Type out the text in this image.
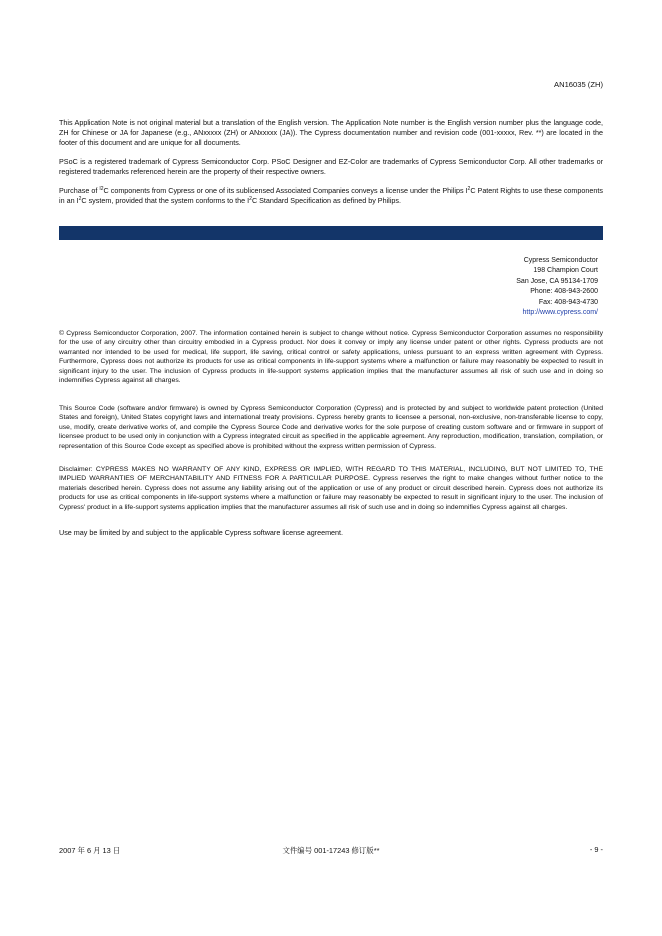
AN16035 (ZH)

This Application Note is not original material but a translation of the English version. The Application Note number is the English version number plus the language code, ZH for Chinese or JA for Japanese (e.g., ANxxxxx (ZH) or ANxxxxx (JA)). The Cypress documentation number and revision code (001-xxxxx, Rev. **) are located in the footer of this document and are unique for all documents.

PSoC is a registered trademark of Cypress Semiconductor Corp. PSoC Designer and EZ-Color are trademarks of Cypress Semiconductor Corp. All other trademarks or registered trademarks referenced herein are the property of their respective owners.

Purchase of $^{I2}$C components from Cypress or one of its sublicensed Associated Companies conveys a license under the Philips $I^2C$ Patent Rights to use these components in an $I^2C$ system, provided that the system conforms to the $I^2C$ Standard Specification as defined by Philips.

Cypress Semiconductor
198 Champion Court
San Jose, CA 95134-1709
Phone: 408-943-2600
Fax: 408-943-4730
http://www.cypress.com/

© Cypress Semiconductor Corporation, 2007. The information contained herein is subject to change without notice. Cypress Semiconductor Corporation assumes no responsibility for the use of any circuitry other than circuitry embodied in a Cypress product. Nor does it convey or imply any license under patent or other rights. Cypress products are not warranted nor intended to be used for medical, life support, life saving, critical control or safety applications, unless pursuant to an express written agreement with Cypress. Furthermore, Cypress does not authorize its products for use as critical components in life-support systems where a malfunction or failure may reasonably be expected to result in significant injury to the user. The inclusion of Cypress products in life-support systems application implies that the manufacturer assumes all risk of such use and in doing so indemnifies Cypress against all charges.

This Source Code (software and/or firmware) is owned by Cypress Semiconductor Corporation (Cypress) and is protected by and subject to worldwide patent protection (United States and foreign), United States copyright laws and international treaty provisions. Cypress hereby grants to licensee a personal, non-exclusive, non-transferable license to copy, use, modify, create derivative works of, and compile the Cypress Source Code and derivative works for the sole purpose of creating custom software and or firmware in support of licensee product to be used only in conjunction with a Cypress integrated circuit as specified in the applicable agreement. Any reproduction, modification, translation, compilation, or representation of this Source Code except as specified above is prohibited without the express written permission of Cypress.

Disclaimer: CYPRESS MAKES NO WARRANTY OF ANY KIND, EXPRESS OR IMPLIED, WITH REGARD TO THIS MATERIAL, INCLUDING, BUT NOT LIMITED TO, THE IMPLIED WARRANTIES OF MERCHANTABILITY AND FITNESS FOR A PARTICULAR PURPOSE. Cypress reserves the right to make changes without further notice to the materials described herein. Cypress does not assume any liability arising out of the application or use of any product or circuit described herein. Cypress does not authorize its products for use as critical components in life-support systems where a malfunction or failure may reasonably be expected to result in significant injury to the user. The inclusion of Cypress' product in a life-support systems application implies that the manufacturer assumes all risk of such use and in doing so indemnifies Cypress against all charges.

Use may be limited by and subject to the applicable Cypress software license agreement.

2007 年 6 月 13 日	文件编号 001-17243 修订版**	- 9 -
